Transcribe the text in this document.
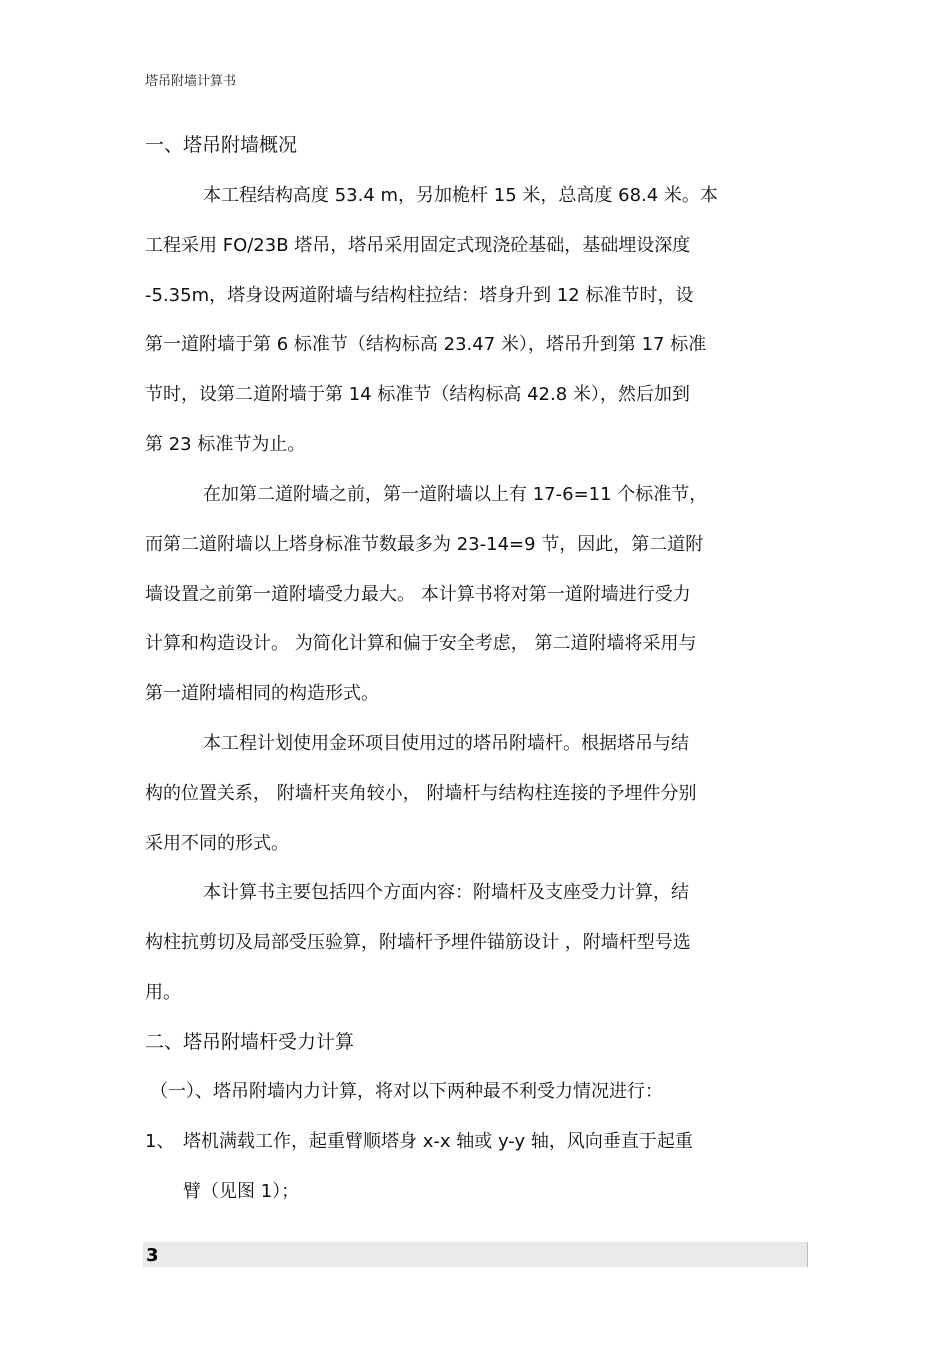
塔吊附墙计算书
一、塔吊附墙概况
本工程结构高度 53.4 m，另加桅杆 15 米，总高度 68.4 米。本
工程采用 FO/23B 塔吊，塔吊采用固定式现浇砼基础，基础埋设深度
-5.35m，塔身设两道附墙与结构柱拉结：塔身升到 12 标准节时，设
第一道附墙于第 6 标准节（结构标高 23.47 米），塔吊升到第 17 标准
节时，设第二道附墙于第 14 标准节（结构标高 42.8 米），然后加到
第 23 标准节为止。
在加第二道附墙之前，第一道附墙以上有 17-6=11 个标准节，
而第二道附墙以上塔身标准节数最多为 23-14=9 节，因此，第二道附
墙设置之前第一道附墙受力最大。 本计算书将对第一道附墙进行受力
计算和构造设计。 为简化计算和偏于安全考虑， 第二道附墙将采用与
第一道附墙相同的构造形式。
本工程计划使用金环项目使用过的塔吊附墙杆。根据塔吊与结
构的位置关系， 附墙杆夹角较小， 附墙杆与结构柱连接的予埋件分别
采用不同的形式。
本计算书主要包括四个方面内容：附墙杆及支座受力计算，结
构柱抗剪切及局部受压验算，附墙杆予埋件锚筋设计 ，附墙杆型号选
用。
二、塔吊附墙杆受力计算
（一）、塔吊附墙内力计算，将对以下两种最不利受力情况进行：
1、 塔机满载工作，起重臂顺塔身 x-x 轴或 y-y 轴，风向垂直于起重
臂（见图 1）；
3
